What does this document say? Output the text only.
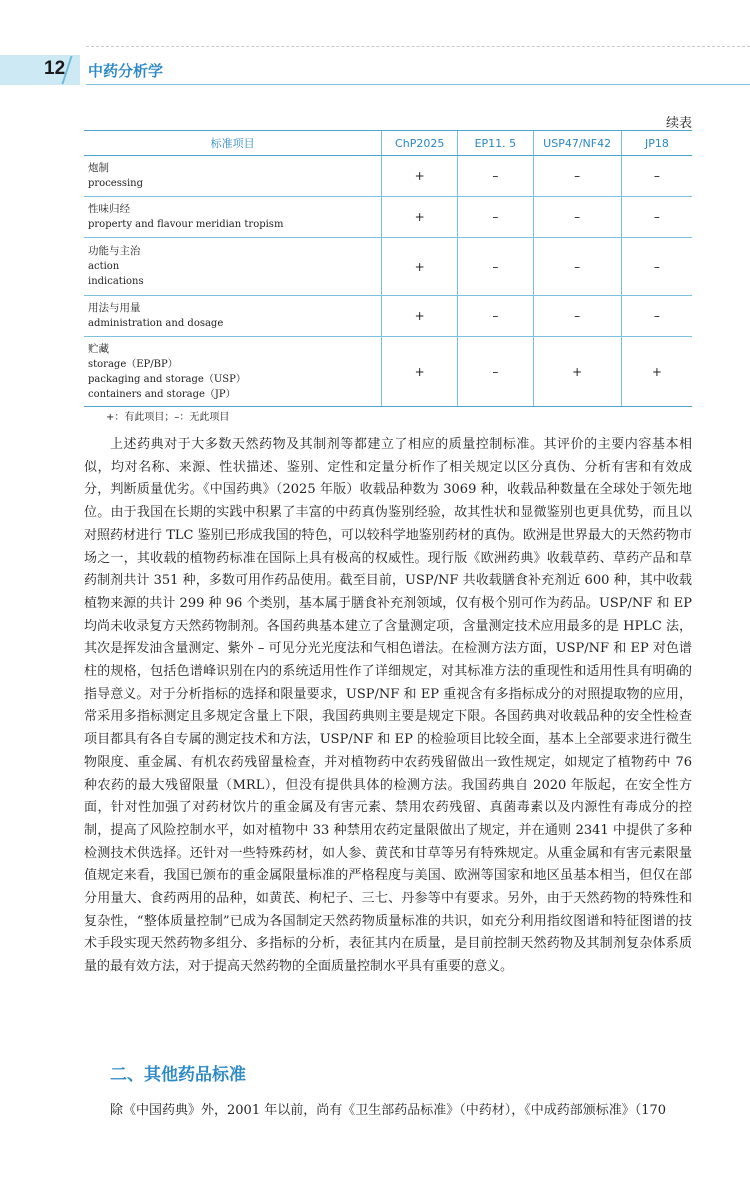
12 中药分析学
续表
标准项目	ChP2025	EP11. 5	USP47/NF42	JP18

炮制
processing	+	–	–	–

性味归经
property and flavour meridian tropism	+	–	–	–

功能与主治
action
indications	+	–	–	–

用法与用量
administration and dosage	+	–	–	–

贮藏
storage（EP/BP）
packaging and storage（USP）
containers and storage（JP）	+	–	+	+
+：有此项目；–：无此项目

上述药典对于大多数天然药物及其制剂等都建立了相应的质量控制标准。其评价的主要内容基本相似，均对名称、来源、性状描述、鉴别、定性和定量分析作了相关规定以区分真伪、分析有害和有效成分，判断质量优劣。《中国药典》（2025 年版）收载品种数为 3069 种，收载品种数量在全球处于领先地位。由于我国在长期的实践中积累了丰富的中药真伪鉴别经验，故其性状和显微鉴别也更具优势，而且以对照药材进行 TLC 鉴别已形成我国的特色，可以较科学地鉴别药材的真伪。欧洲是世界最大的天然药物市场之一，其收载的植物药标准在国际上具有极高的权威性。现行版《欧洲药典》收载草药、草药产品和草药制剂共计 351 种，多数可用作药品使用。截至目前，USP/NF 共收载膳食补充剂近 600 种，其中收载植物来源的共计 299 种 96 个类别，基本属于膳食补充剂领域，仅有极个别可作为药品。USP/NF 和 EP 均尚未收录复方天然药物制剂。各国药典基本建立了含量测定项，含量测定技术应用最多的是 HPLC 法，其次是挥发油含量测定、紫外 – 可见分光光度法和气相色谱法。在检测方法方面，USP/NF 和 EP 对色谱柱的规格，包括色谱峰识别在内的系统适用性作了详细规定，对其标准方法的重现性和适用性具有明确的指导意义。对于分析指标的选择和限量要求，USP/NF 和 EP 重视含有多指标成分的对照提取物的应用，常采用多指标测定且多规定含量上下限，我国药典则主要是规定下限。各国药典对收载品种的安全性检查项目都具有各自专属的测定技术和方法，USP/NF 和 EP 的检验项目比较全面，基本上全部要求进行微生物限度、重金属、有机农药残留量检查，并对植物药中农药残留做出一致性规定，如规定了植物药中 76 种农药的最大残留限量（MRL），但没有提供具体的检测方法。我国药典自 2020 年版起，在安全性方面，针对性加强了对药材饮片的重金属及有害元素、禁用农药残留、真菌毒素以及内源性有毒成分的控制，提高了风险控制水平，如对植物中 33 种禁用农药定量限做出了规定，并在通则 2341 中提供了多种检测技术供选择。还针对一些特殊药材，如人参、黄芪和甘草等另有特殊规定。从重金属和有害元素限量值规定来看，我国已颁布的重金属限量标准的严格程度与美国、欧洲等国家和地区虽基本相当，但仅在部分用量大、食药两用的品种，如黄芪、枸杞子、三七、丹参等中有要求。另外，由于天然药物的特殊性和复杂性，“整体质量控制”已成为各国制定天然药物质量标准的共识，如充分利用指纹图谱和特征图谱的技术手段实现天然药物多组分、多指标的分析，表征其内在质量，是目前控制天然药物及其制剂复杂体系质量的最有效方法，对于提高天然药物的全面质量控制水平具有重要的意义。

二、其他药品标准

除《中国药典》外，2001 年以前，尚有《卫生部药品标准》（中药材），《中成药部颁标准》（170
